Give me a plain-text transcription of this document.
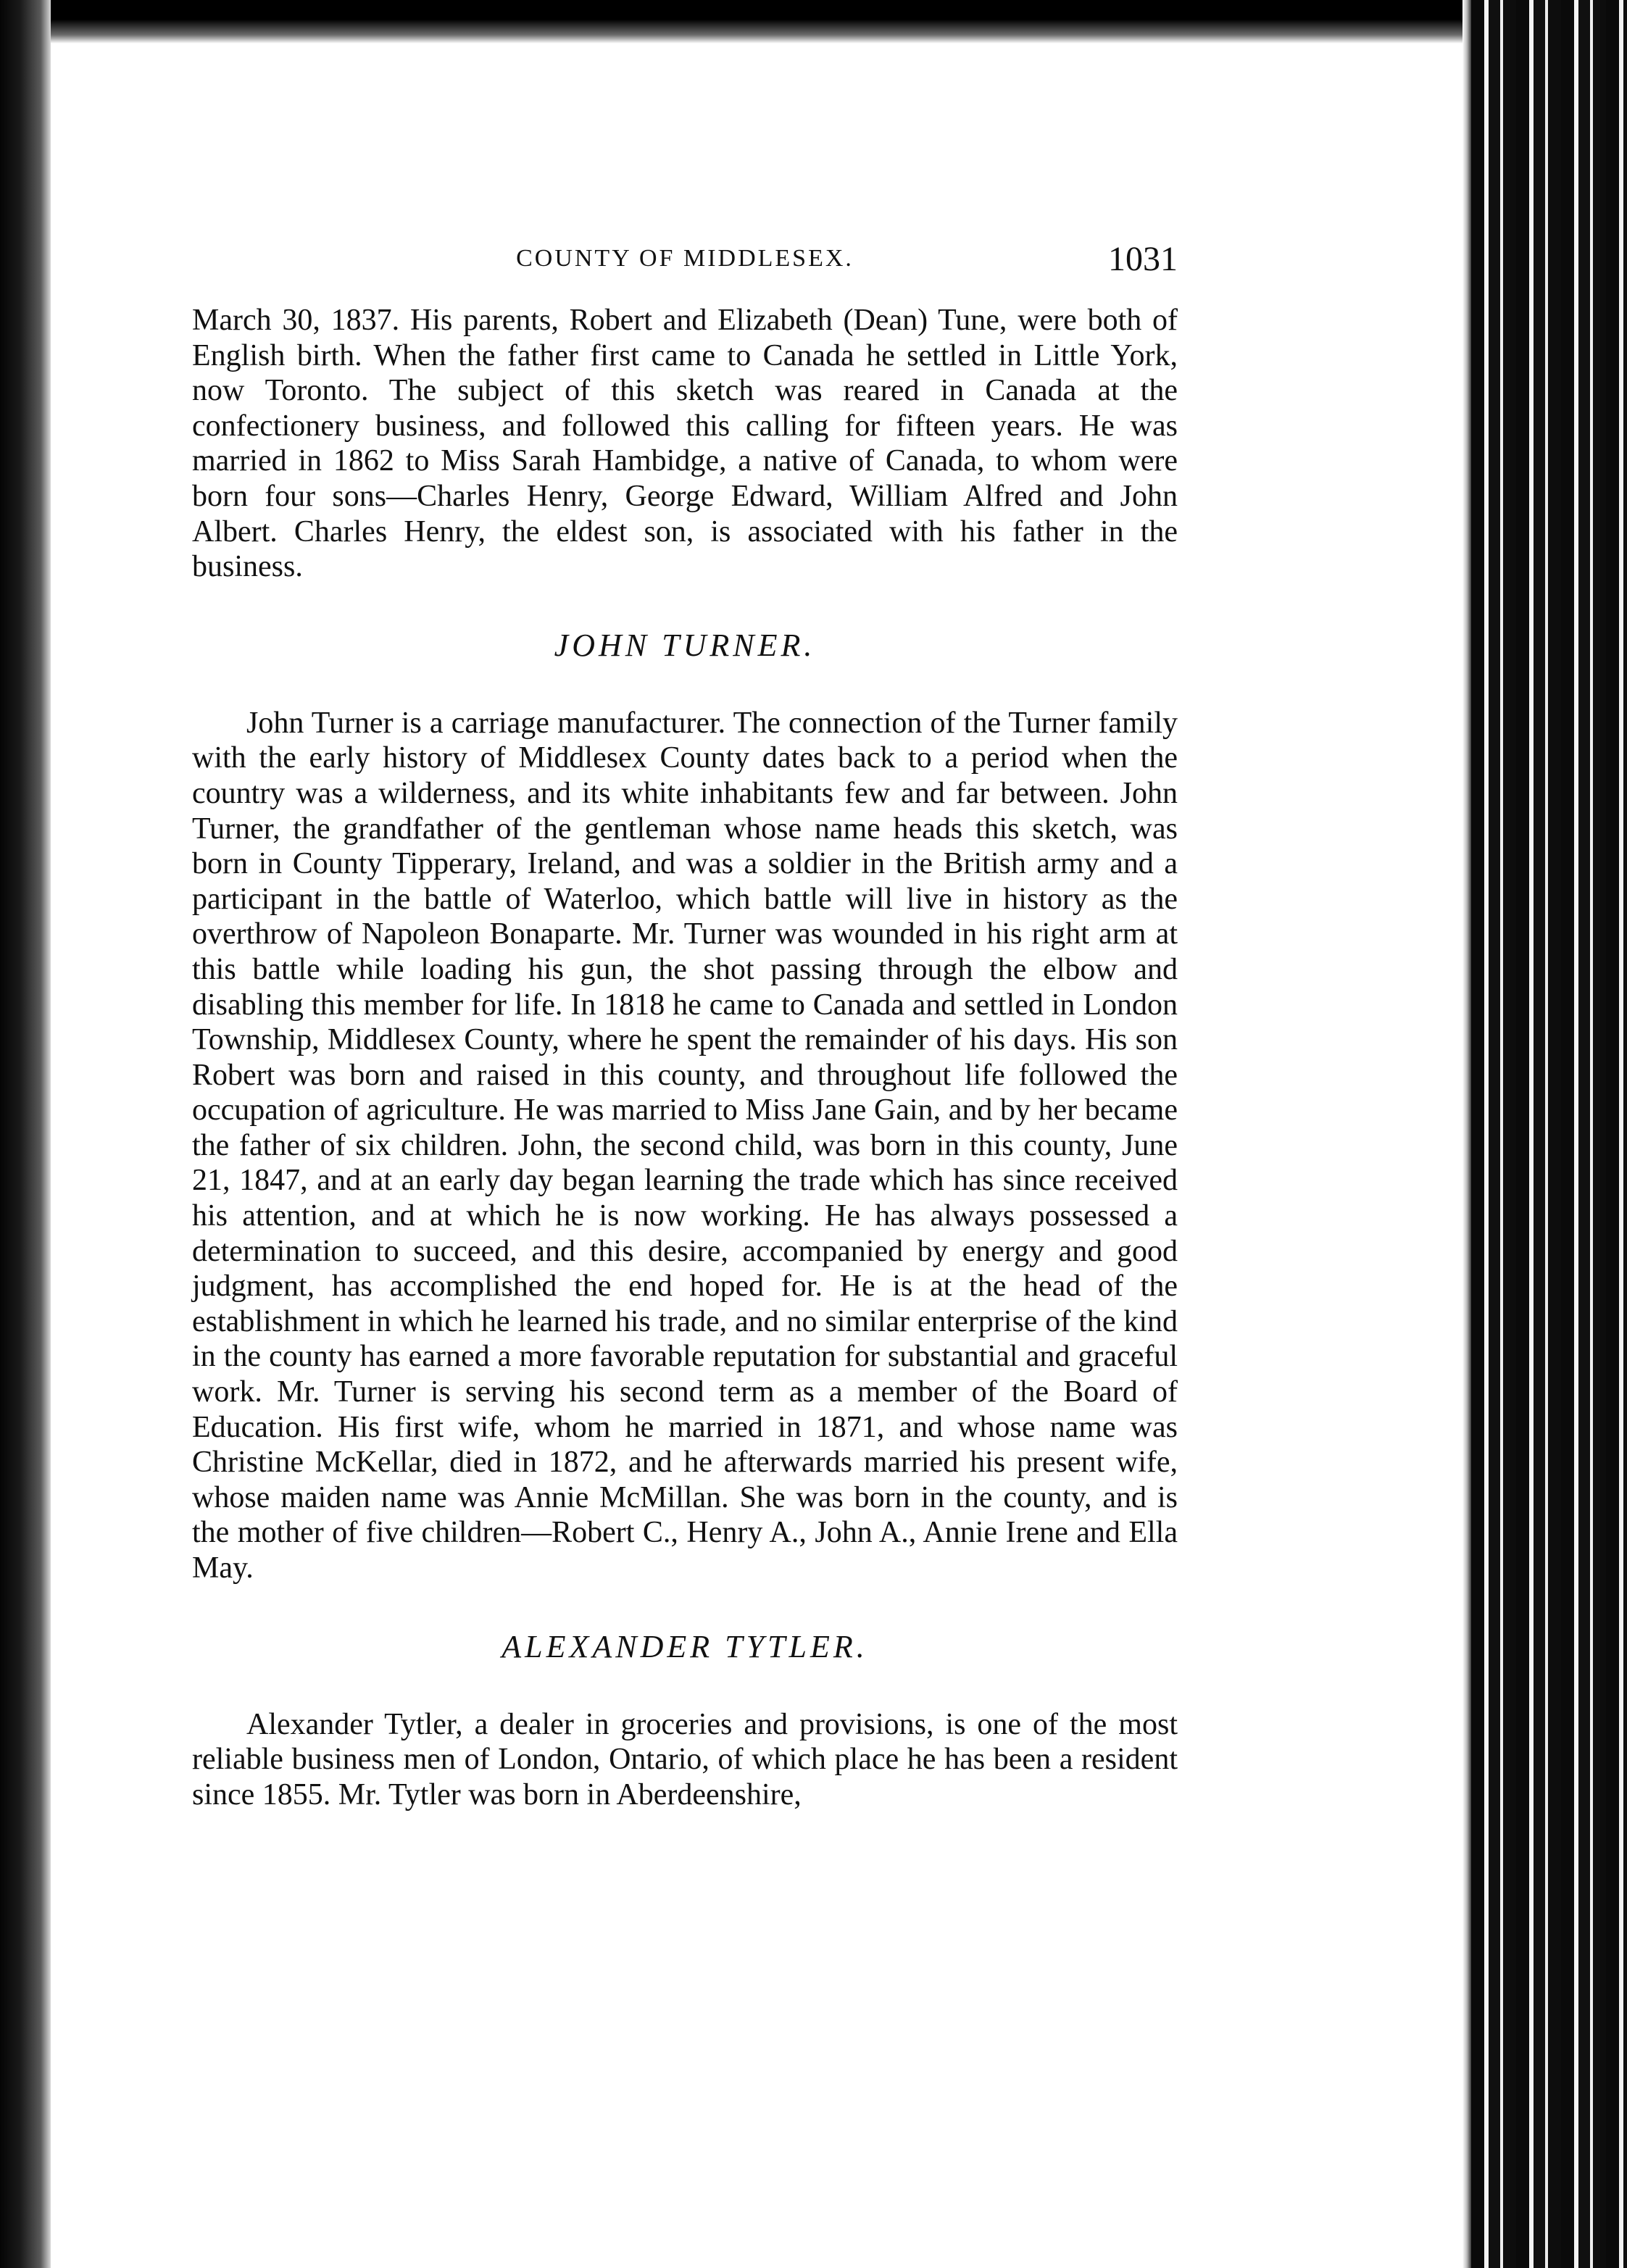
COUNTY OF MIDDLESEX.	1031

March 30, 1837. His parents, Robert and Elizabeth (Dean) Tune, were both of English birth. When the father first came to Canada he settled in Little York, now Toronto. The subject of this sketch was reared in Canada at the confectionery business, and followed this calling for fifteen years. He was married in 1862 to Miss Sarah Hambidge, a native of Canada, to whom were born four sons—Charles Henry, George Edward, William Alfred and John Albert. Charles Henry, the eldest son, is associated with his father in the business.

JOHN TURNER.

John Turner is a carriage manufacturer. The connection of the Turner family with the early history of Middlesex County dates back to a period when the country was a wilderness, and its white inhabitants few and far between. John Turner, the grandfather of the gentleman whose name heads this sketch, was born in County Tipperary, Ireland, and was a soldier in the British army and a participant in the battle of Waterloo, which battle will live in history as the overthrow of Napoleon Bonaparte. Mr. Turner was wounded in his right arm at this battle while loading his gun, the shot passing through the elbow and disabling this member for life. In 1818 he came to Canada and settled in London Township, Middlesex County, where he spent the remainder of his days. His son Robert was born and raised in this county, and throughout life followed the occupation of agriculture. He was married to Miss Jane Gain, and by her became the father of six children. John, the second child, was born in this county, June 21, 1847, and at an early day began learning the trade which has since received his attention, and at which he is now working. He has always possessed a determination to succeed, and this desire, accompanied by energy and good judgment, has accomplished the end hoped for. He is at the head of the establishment in which he learned his trade, and no similar enterprise of the kind in the county has earned a more favorable reputation for substantial and graceful work. Mr. Turner is serving his second term as a member of the Board of Education. His first wife, whom he married in 1871, and whose name was Christine McKellar, died in 1872, and he afterwards married his present wife, whose maiden name was Annie McMillan. She was born in the county, and is the mother of five children—Robert C., Henry A., John A., Annie Irene and Ella May.

ALEXANDER TYTLER.

Alexander Tytler, a dealer in groceries and provisions, is one of the most reliable business men of London, Ontario, of which place he has been a resident since 1855. Mr. Tytler was born in Aberdeenshire,
